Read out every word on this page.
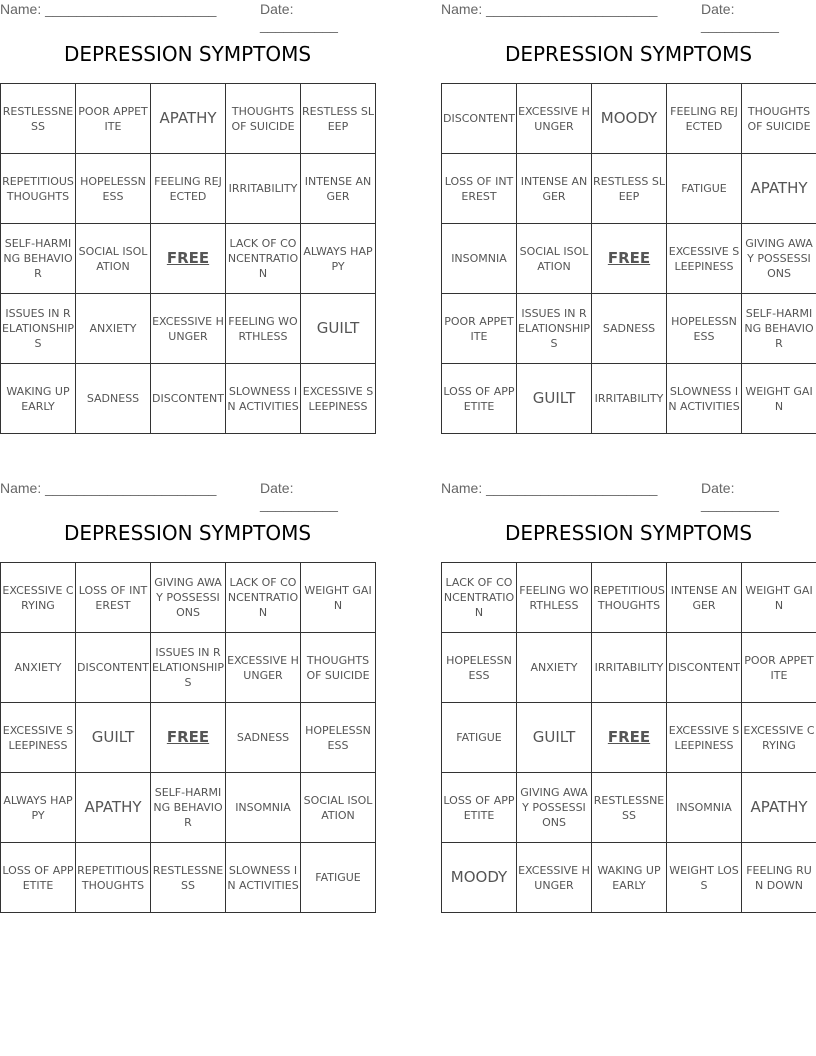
Name: ______________________	Date: __________
DEPRESSION SYMPTOMS
RESTLESSNESS	POOR APPETITE	APATHY	THOUGHTS OF SUICIDE	RESTLESS SLEEP

REPETITIOUS THOUGHTS	HOPELESSNESS	FEELING REJECTED	IRRITABILITY	INTENSE ANGER

SELF-HARMING BEHAVIOR	SOCIAL ISOLATION	FREE	LACK OF CONCENTRATION	ALWAYS HAPPY

ISSUES IN RELATIONSHIPS	ANXIETY	EXCESSIVE HUNGER	FEELING WORTHLESS	GUILT

WAKING UP EARLY	SADNESS	DISCONTENT	SLOWNESS IN ACTIVITIES	EXCESSIVE SLEEPINESS
Name: ______________________	Date: __________
DEPRESSION SYMPTOMS
DISCONTENT	EXCESSIVE HUNGER	MOODY	FEELING REJECTED	THOUGHTS OF SUICIDE

LOSS OF INTEREST	INTENSE ANGER	RESTLESS SLEEP	FATIGUE	APATHY

INSOMNIA	SOCIAL ISOLATION	FREE	EXCESSIVE SLEEPINESS	GIVING AWAY POSSESSIONS

POOR APPETITE	ISSUES IN RELATIONSHIPS	SADNESS	HOPELESSNESS	SELF-HARMING BEHAVIOR

LOSS OF APPETITE	GUILT	IRRITABILITY	SLOWNESS IN ACTIVITIES	WEIGHT GAIN
Name: ______________________	Date: __________
DEPRESSION SYMPTOMS
EXCESSIVE CRYING	LOSS OF INTEREST	GIVING AWAY POSSESSIONS	LACK OF CONCENTRATION	WEIGHT GAIN

ANXIETY	DISCONTENT	ISSUES IN RELATIONSHIPS	EXCESSIVE HUNGER	THOUGHTS OF SUICIDE

EXCESSIVE SLEEPINESS	GUILT	FREE	SADNESS	HOPELESSNESS

ALWAYS HAPPY	APATHY	SELF-HARMING BEHAVIOR	INSOMNIA	SOCIAL ISOLATION

LOSS OF APPETITE	REPETITIOUS THOUGHTS	RESTLESSNESS	SLOWNESS IN ACTIVITIES	FATIGUE
Name: ______________________	Date: __________
DEPRESSION SYMPTOMS
LACK OF CONCENTRATION	FEELING WORTHLESS	REPETITIOUS THOUGHTS	INTENSE ANGER	WEIGHT GAIN

HOPELESSNESS	ANXIETY	IRRITABILITY	DISCONTENT	POOR APPETITE

FATIGUE	GUILT	FREE	EXCESSIVE SLEEPINESS	EXCESSIVE CRYING

LOSS OF APPETITE	GIVING AWAY POSSESSIONS	RESTLESSNESS	INSOMNIA	APATHY

MOODY	EXCESSIVE HUNGER	WAKING UP EARLY	WEIGHT LOSS	FEELING RUN DOWN
